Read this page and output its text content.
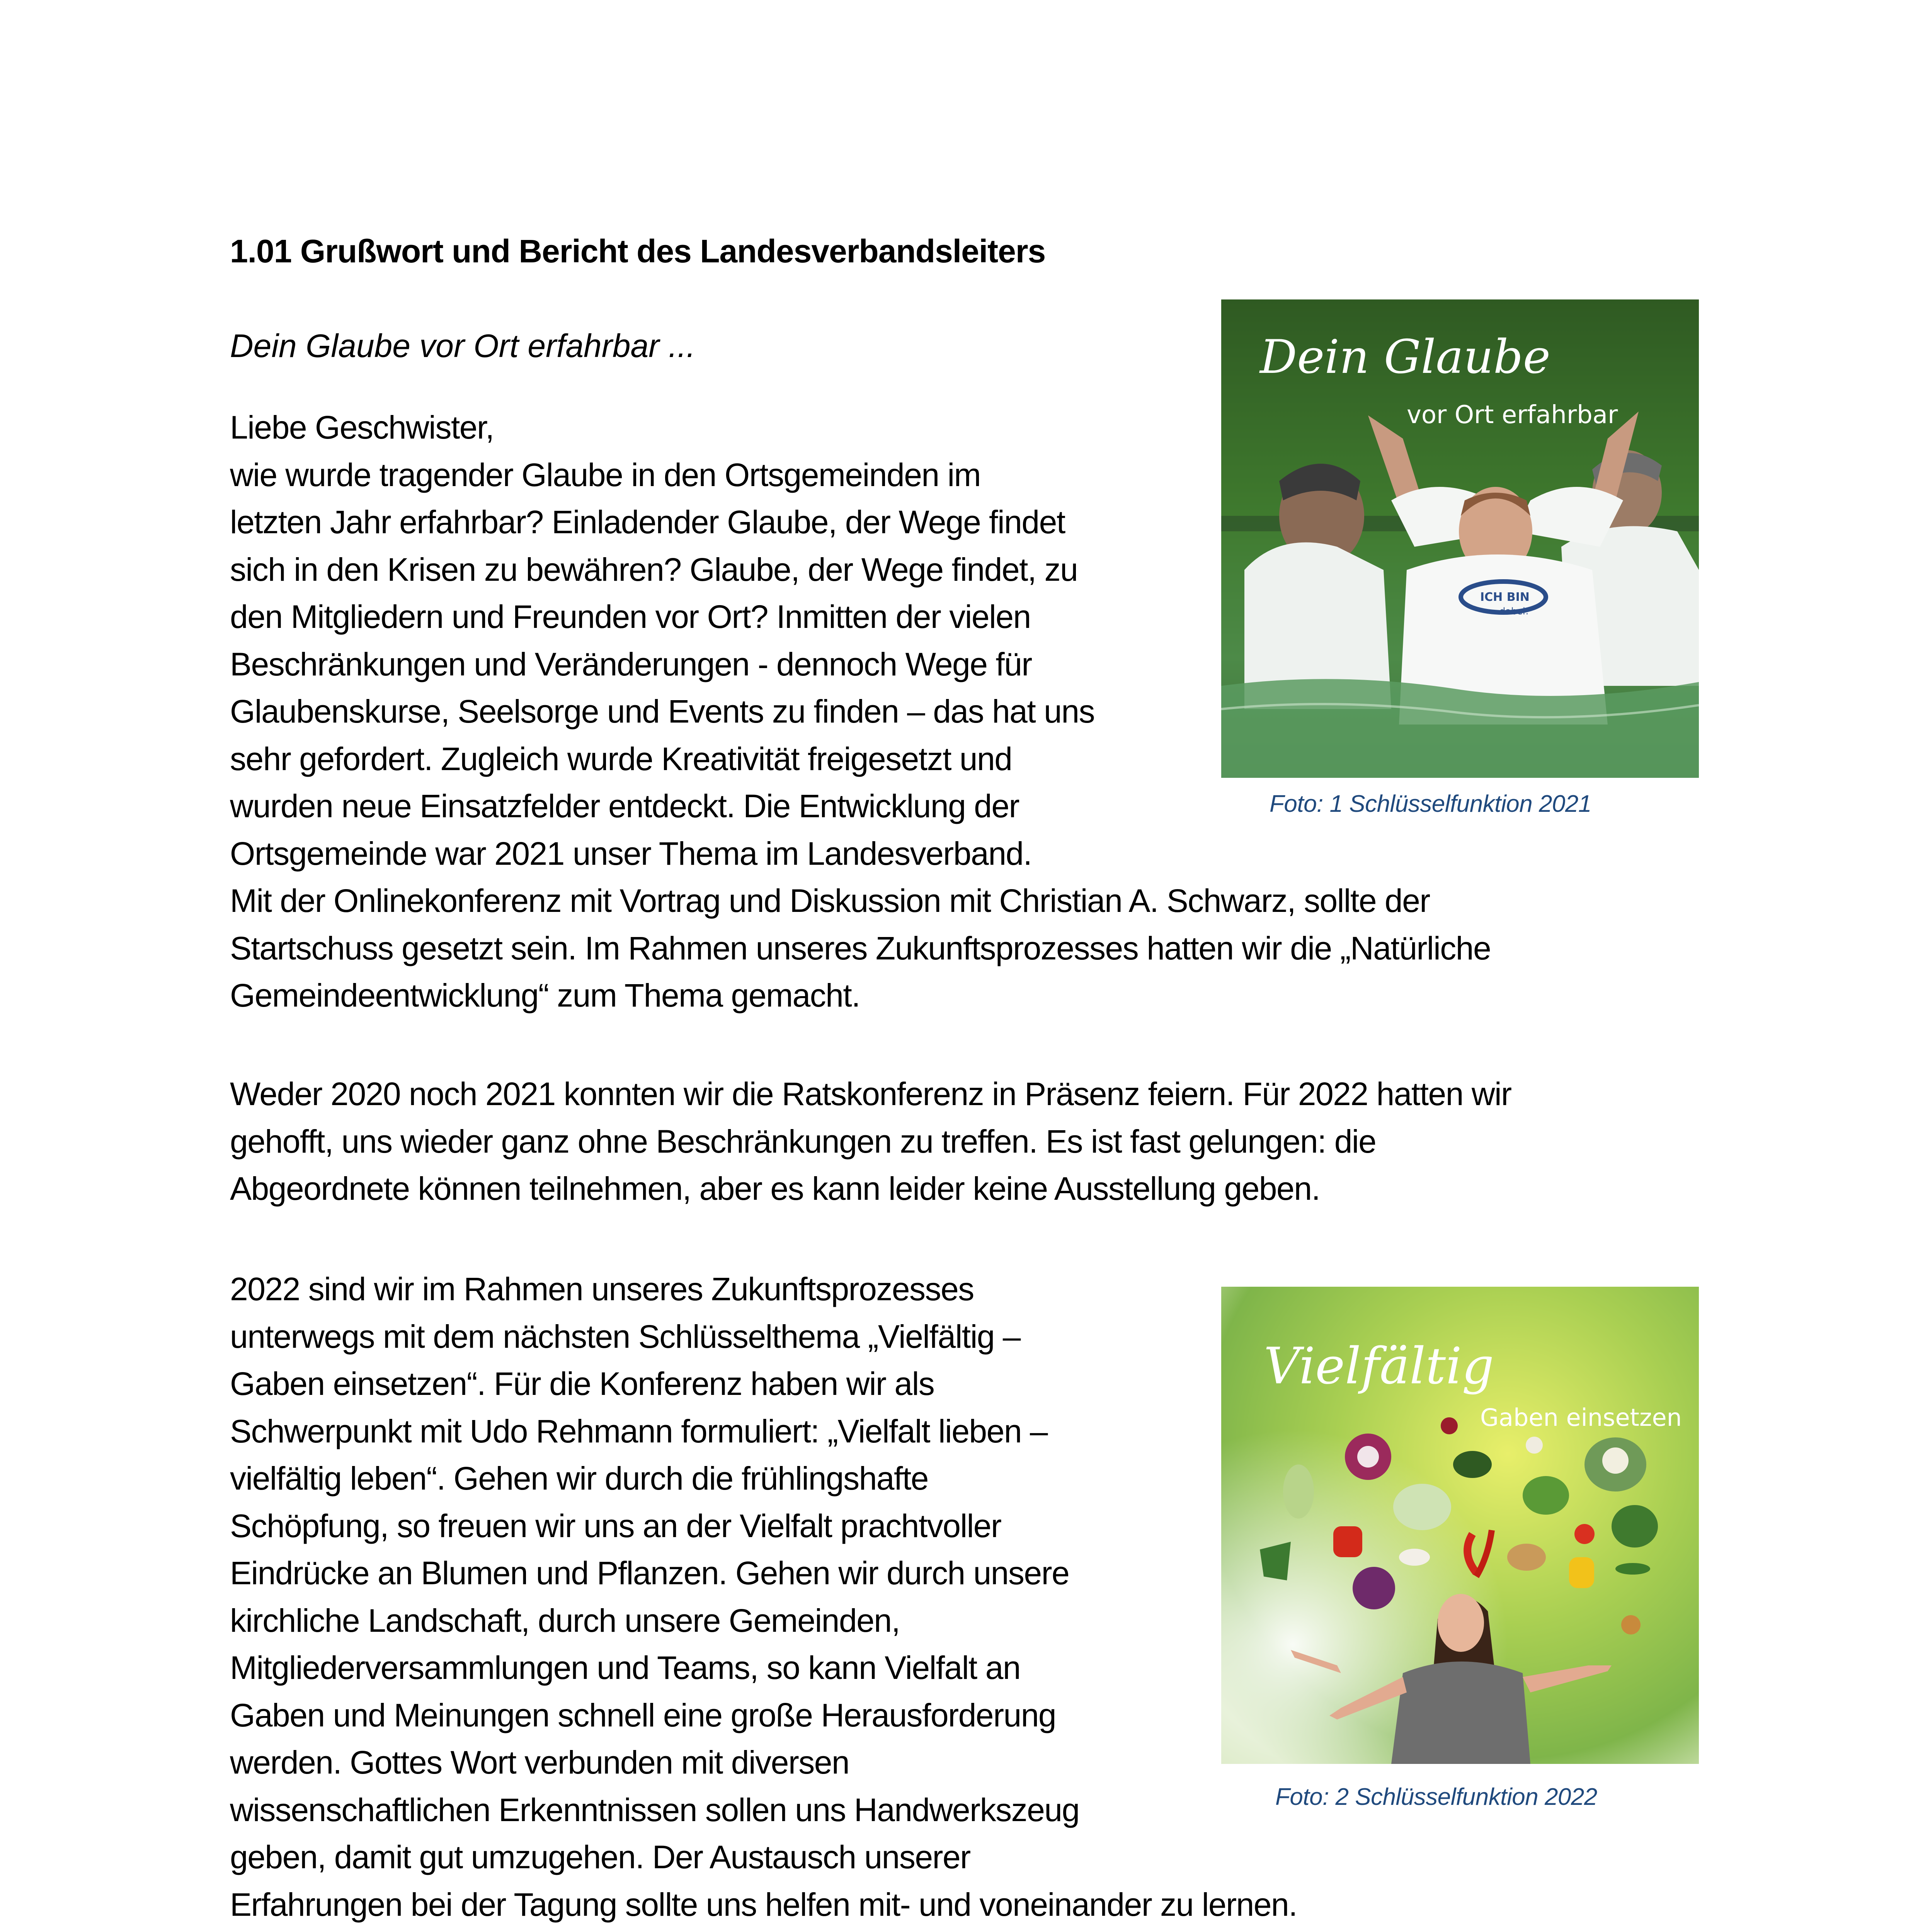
1.01 Grußwort und Bericht des Landesverbandsleiters
Dein Glaube vor Ort erfahrbar ...

Liebe Geschwister,
wie wurde tragender Glaube in den Ortsgemeinden im
letzten Jahr erfahrbar? Einladender Glaube, der Wege findet
sich in den Krisen zu bewähren? Glaube, der Wege findet, zu
den Mitgliedern und Freunden vor Ort? Inmitten der vielen
Beschränkungen und Veränderungen - dennoch Wege für
Glaubenskurse, Seelsorge und Events zu finden – das hat uns
sehr gefordert. Zugleich wurde Kreativität freigesetzt und
wurden neue Einsatzfelder entdeckt. Die Entwicklung der
Ortsgemeinde war 2021 unser Thema im Landesverband.
Mit der Onlinekonferenz mit Vortrag und Diskussion mit Christian A. Schwarz, sollte der
Startschuss gesetzt sein. Im Rahmen unseres Zukunftsprozesses hatten wir die „Natürliche
Gemeindeentwicklung“ zum Thema gemacht.

ICH BIN
dabei!
Dein Glaube
vor Ort erfahrbar
Foto: 1 Schlüsselfunktion 2021

Weder 2020 noch 2021 konnten wir die Ratskonferenz in Präsenz feiern. Für 2022 hatten wir
gehofft, uns wieder ganz ohne Beschränkungen zu treffen. Es ist fast gelungen: die
Abgeordnete können teilnehmen, aber es kann leider keine Ausstellung geben.

2022 sind wir im Rahmen unseres Zukunftsprozesses
unterwegs mit dem nächsten Schlüsselthema „Vielfältig –
Gaben einsetzen“. Für die Konferenz haben wir als
Schwerpunkt mit Udo Rehmann formuliert: „Vielfalt lieben –
vielfältig leben“. Gehen wir durch die frühlingshafte
Schöpfung, so freuen wir uns an der Vielfalt prachtvoller
Eindrücke an Blumen und Pflanzen. Gehen wir durch unsere
kirchliche Landschaft, durch unsere Gemeinden,
Mitgliederversammlungen und Teams, so kann Vielfalt an
Gaben und Meinungen schnell eine große Herausforderung
werden. Gottes Wort verbunden mit diversen
wissenschaftlichen Erkenntnissen sollen uns Handwerkszeug
geben, damit gut umzugehen. Der Austausch unserer
Erfahrungen bei der Tagung sollte uns helfen mit- und voneinander zu lernen.

Vielfältig
Gaben einsetzen
Foto: 2 Schlüsselfunktion 2022
